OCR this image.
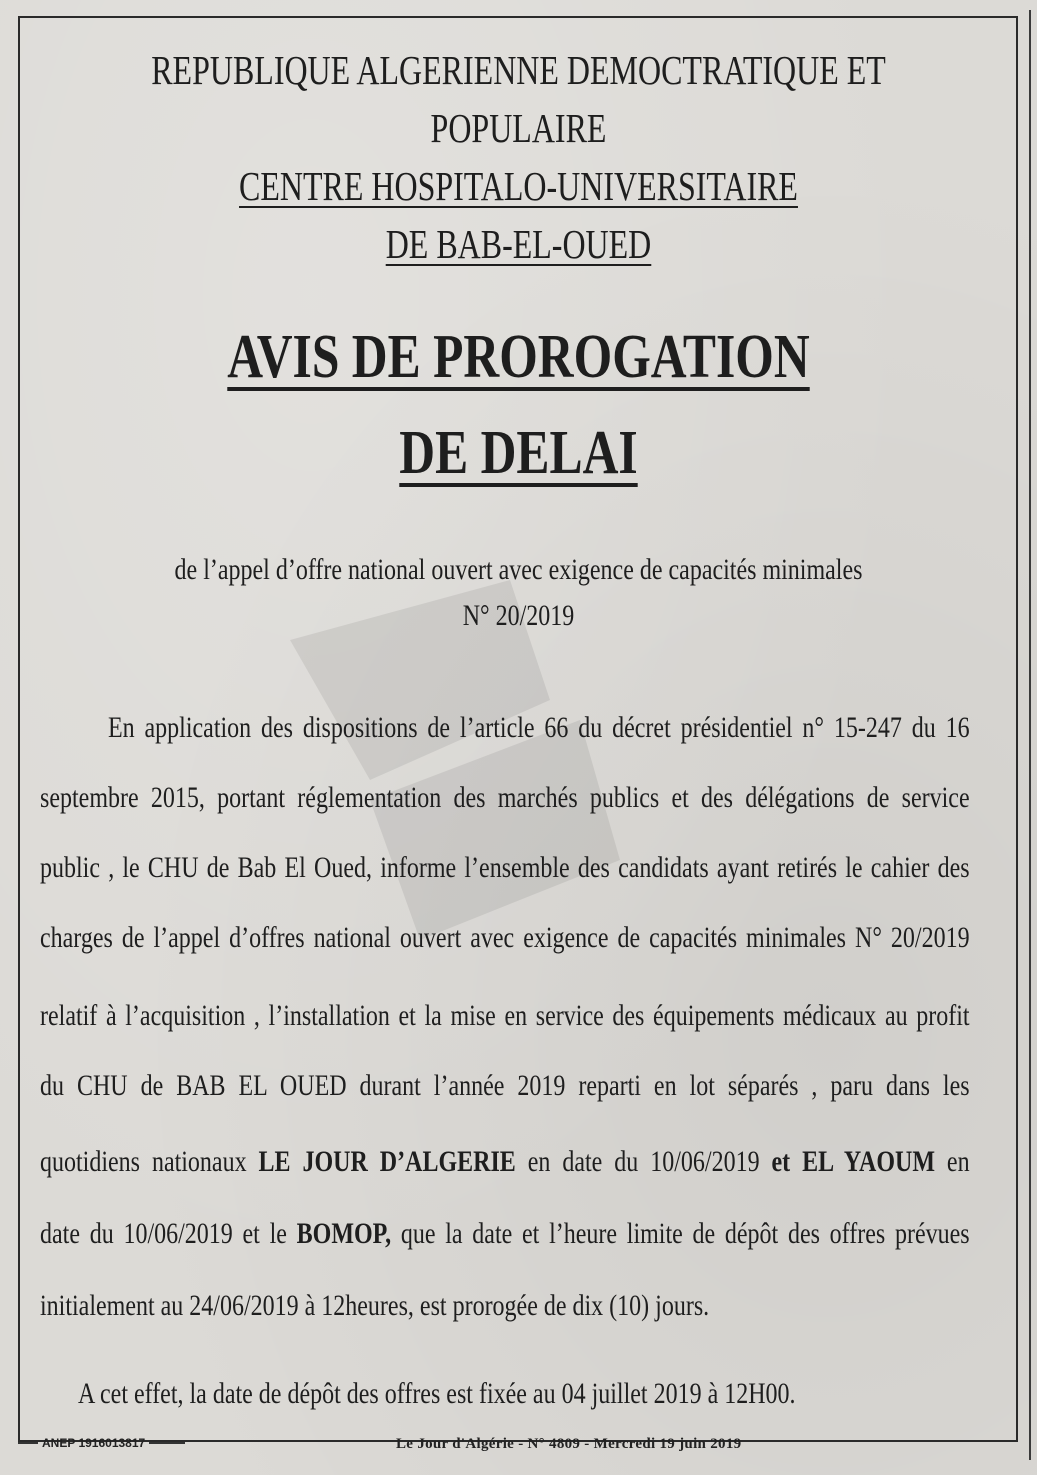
REPUBLIQUE ALGERIENNE DEMOCTRATIQUE ET
POPULAIRE
CENTRE HOSPITALO-UNIVERSITAIRE
DE BAB-EL-OUED
AVIS DE PROROGATION
DE DELAI
de l’appel d’offre national ouvert avec exigence de capacités minimales
N° 20/2019
En application des dispositions de l’article 66 du décret présidentiel n° 15-247 du 16
septembre 2015, portant réglementation des marchés publics et des délégations de service
public , le CHU de Bab El Oued, informe l’ensemble des candidats ayant retirés le cahier des
charges de l’appel d’offres national ouvert avec exigence de capacités minimales N° 20/2019
relatif à l’acquisition , l’installation et la mise en service des équipements médicaux au profit
du CHU de BAB EL OUED durant l’année 2019 reparti en lot séparés , paru dans les
quotidiens nationaux LE JOUR D’ALGERIE en date du 10/06/2019 et EL YAOUM en
date du 10/06/2019 et le BOMOP, que la date et l’heure limite de dépôt des offres prévues
initialement au 24/06/2019 à 12heures, est prorogée de dix (10) jours.
A cet effet, la date de dépôt des offres est fixée au 04 juillet 2019 à 12H00.
ANEP 1916013817	Le Jour d'Algérie - N° 4809 - Mercredi 19 juin 2019
